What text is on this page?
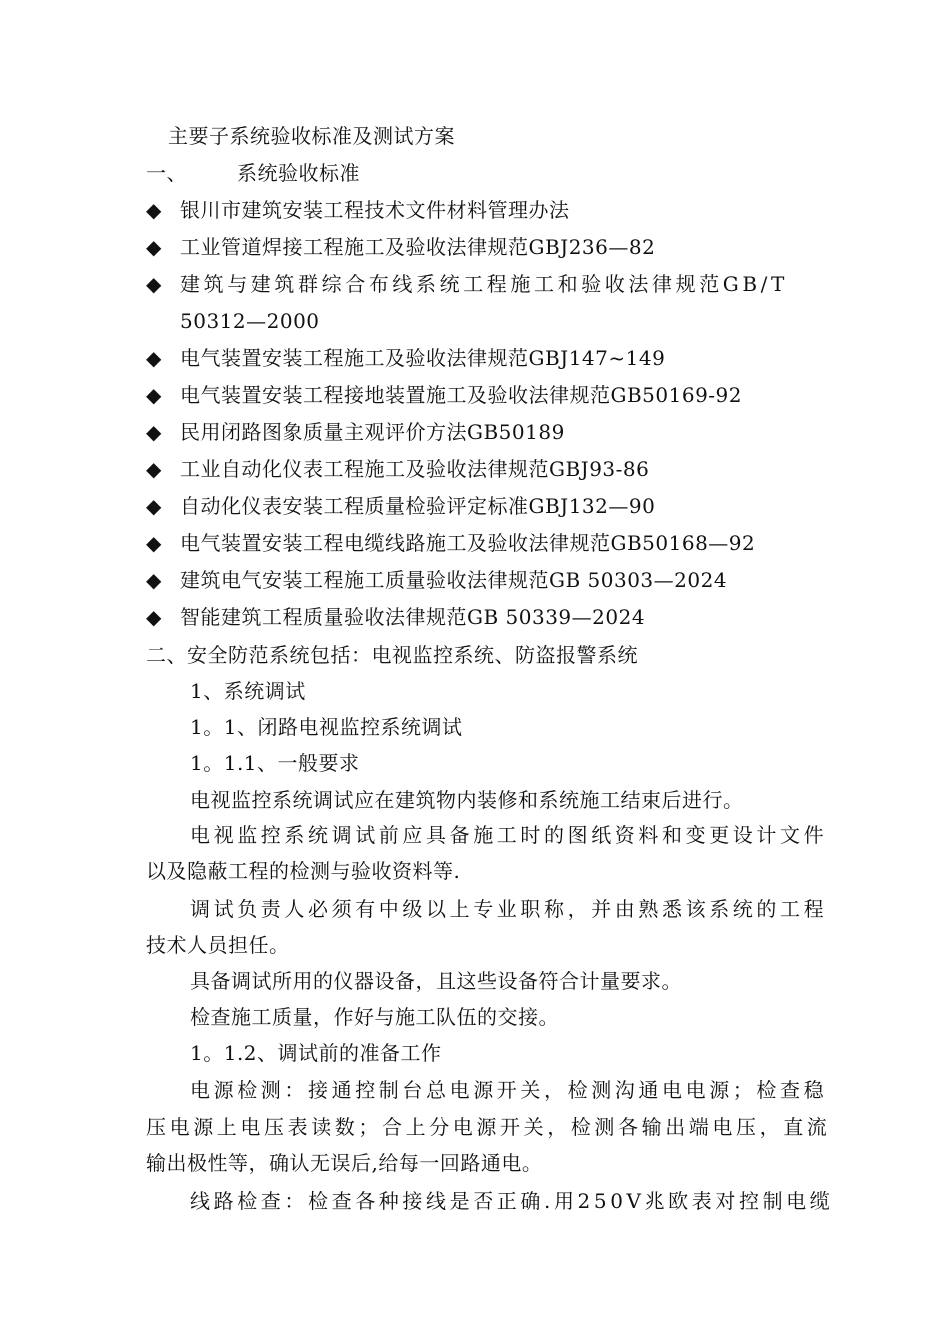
主要子系统验收标准及测试方案
一、	系统验收标准
◆ 银川市建筑安装工程技术文件材料管理办法
◆ 工业管道焊接工程施工及验收法律规范GBJ236—82
◆ 建筑与建筑群综合布线系统工程施工和验收法律规范GB/T
50312—2000
◆ 电气装置安装工程施工及验收法律规范GBJ147~149
◆ 电气装置安装工程接地装置施工及验收法律规范GB50169-92
◆ 民用闭路图象质量主观评价方法GB50189
◆ 工业自动化仪表工程施工及验收法律规范GBJ93-86
◆ 自动化仪表安装工程质量检验评定标准GBJ132—90
◆ 电气装置安装工程电缆线路施工及验收法律规范GB50168—92
◆ 建筑电气安装工程施工质量验收法律规范GB 50303—2024
◆ 智能建筑工程质量验收法律规范GB 50339—2024
二、安全防范系统包括：电视监控系统、防盗报警系统
1、系统调试
1。1、闭路电视监控系统调试
1。1.1、一般要求
电视监控系统调试应在建筑物内装修和系统施工结束后进行。
电视监控系统调试前应具备施工时的图纸资料和变更设计文件
以及隐蔽工程的检测与验收资料等.
调试负责人必须有中级以上专业职称，并由熟悉该系统的工程
技术人员担任。
具备调试所用的仪器设备，且这些设备符合计量要求。
检查施工质量，作好与施工队伍的交接。
1。1.2、调试前的准备工作
电源检测：接通控制台总电源开关，检测沟通电电源；检查稳
压电源上电压表读数；合上分电源开关，检测各输出端电压，直流
输出极性等，确认无误后,给每一回路通电。
线路检查：检查各种接线是否正确.用250V兆欧表对控制电缆
